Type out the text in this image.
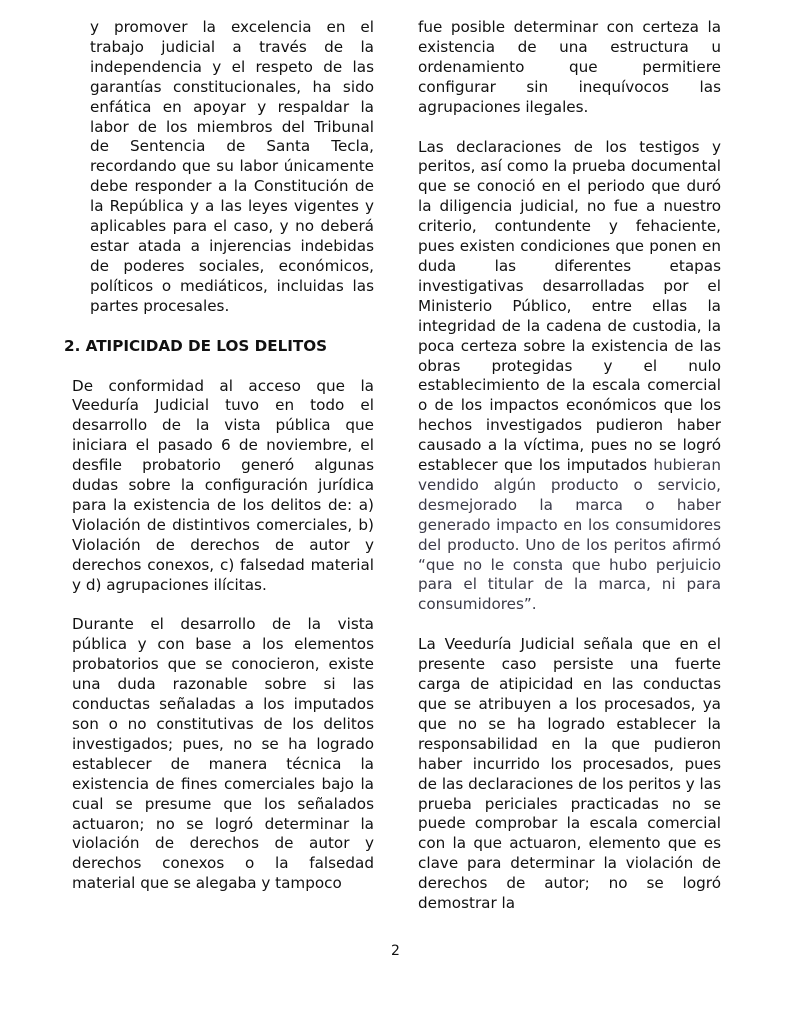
y promover la excelencia en el trabajo judicial a través de la independencia y el respeto de las garantías constitucionales, ha sido enfática en apoyar y respaldar la labor de los miembros del Tribunal de Sentencia de Santa Tecla, recordando que su labor únicamente debe responder a la Constitución de la República y a las leyes vigentes y aplicables para el caso, y no deberá estar atada a injerencias indebidas de poderes sociales, económicos, políticos o mediáticos, incluidas las partes procesales.

2. ATIPICIDAD DE LOS DELITOS

De conformidad al acceso que la Veeduría Judicial tuvo en todo el desarrollo de la vista pública que iniciara el pasado 6 de noviembre, el desfile probatorio generó algunas dudas sobre la configuración jurídica para la existencia de los delitos de: a) Violación de distintivos comerciales, b) Violación de derechos de autor y derechos conexos, c) falsedad material y d) agrupaciones ilícitas.

Durante el desarrollo de la vista pública y con base a los elementos probatorios que se conocieron, existe una duda razonable sobre si las conductas señaladas a los imputados son o no constitutivas de los delitos investigados; pues, no se ha logrado establecer de manera técnica la existencia de fines comerciales bajo la cual se presume que los señalados actuaron; no se logró determinar la violación de derechos de autor y derechos conexos o la falsedad material que se alegaba y tampoco

fue posible determinar con certeza la existencia de una estructura u ordenamiento que permitiere configurar sin inequívocos las agrupaciones ilegales.

Las declaraciones de los testigos y peritos, así como la prueba documental que se conoció en el periodo que duró la diligencia judicial, no fue a nuestro criterio, contundente y fehaciente, pues existen condiciones que ponen en duda las diferentes etapas investigativas desarrolladas por el Ministerio Público, entre ellas la integridad de la cadena de custodia, la poca certeza sobre la existencia de las obras protegidas y el nulo establecimiento de la escala comercial o de los impactos económicos que los hechos investigados pudieron haber causado a la víctima, pues no se logró establecer que los imputados hubieran vendido algún producto o servicio, desmejorado la marca o haber generado impacto en los consumidores del producto. Uno de los peritos afirmó “que no le consta que hubo perjuicio para el titular de la marca, ni para consumidores”.

La Veeduría Judicial señala que en el presente caso persiste una fuerte carga de atipicidad en las conductas que se atribuyen a los procesados, ya que no se ha logrado establecer la responsabilidad en la que pudieron haber incurrido los procesados, pues de las declaraciones de los peritos y las prueba periciales practicadas no se puede comprobar la escala comercial con la que actuaron, elemento que es clave para determinar la violación de derechos de autor; no se logró demostrar la

2
